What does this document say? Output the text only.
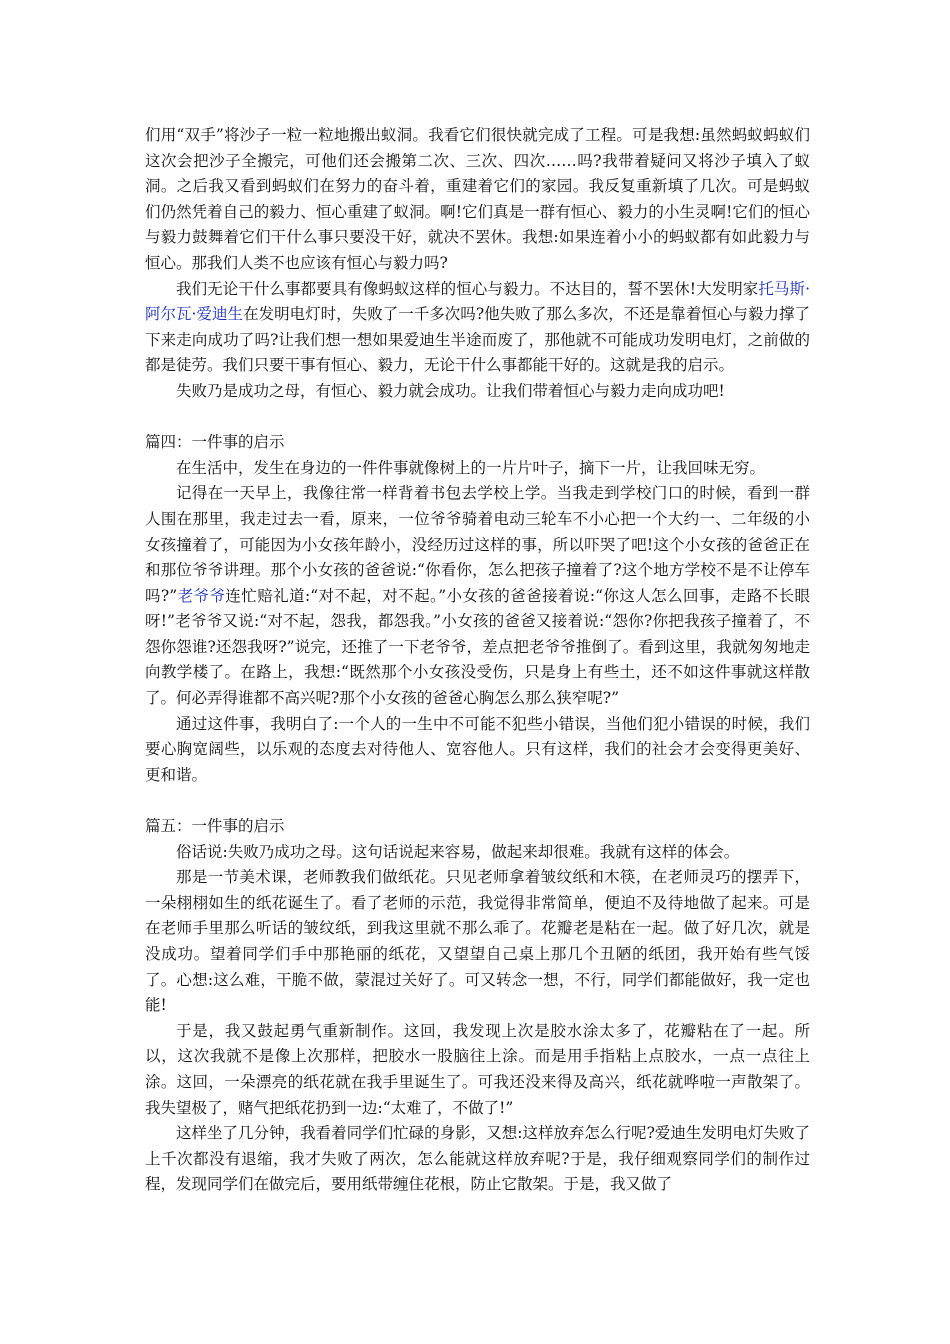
们用“双手”将沙子一粒一粒地搬出蚁洞。我看它们很快就完成了工程。可是我想:虽然蚂蚁蚂蚁们这次会把沙子全搬完，可他们还会搬第二次、三次、四次……吗?我带着疑问又将沙子填入了蚁洞。之后我又看到蚂蚁们在努力的奋斗着，重建着它们的家园。我反复重新填了几次。可是蚂蚁们仍然凭着自己的毅力、恒心重建了蚁洞。啊!它们真是一群有恒心、毅力的小生灵啊!它们的恒心与毅力鼓舞着它们干什么事只要没干好，就决不罢休。我想:如果连着小小的蚂蚁都有如此毅力与恒心。那我们人类不也应该有恒心与毅力吗?

我们无论干什么事都要具有像蚂蚁这样的恒心与毅力。不达目的，誓不罢休!大发明家托马斯·阿尔瓦·爱迪生在发明电灯时，失败了一千多次吗?他失败了那么多次，不还是靠着恒心与毅力撑了下来走向成功了吗?让我们想一想如果爱迪生半途而废了，那他就不可能成功发明电灯，之前做的都是徒劳。我们只要干事有恒心、毅力，无论干什么事都能干好的。这就是我的启示。

失败乃是成功之母，有恒心、毅力就会成功。让我们带着恒心与毅力走向成功吧!

篇四：一件事的启示

在生活中，发生在身边的一件件事就像树上的一片片叶子，摘下一片，让我回味无穷。

记得在一天早上，我像往常一样背着书包去学校上学。当我走到学校门口的时候，看到一群人围在那里，我走过去一看，原来，一位爷爷骑着电动三轮车不小心把一个大约一、二年级的小女孩撞着了，可能因为小女孩年龄小，没经历过这样的事，所以吓哭了吧!这个小女孩的爸爸正在和那位爷爷讲理。那个小女孩的爸爸说:“你看你，怎么把孩子撞着了?这个地方学校不是不让停车吗?”老爷爷连忙赔礼道:“对不起，对不起。”小女孩的爸爸接着说:“你这人怎么回事，走路不长眼呀!”老爷爷又说:“对不起，怨我，都怨我。”小女孩的爸爸又接着说:“怨你?你把我孩子撞着了，不怨你怨谁?还怨我呀?”说完，还推了一下老爷爷，差点把老爷爷推倒了。看到这里，我就匆匆地走向教学楼了。在路上，我想:“既然那个小女孩没受伤，只是身上有些土，还不如这件事就这样散了。何必弄得谁都不高兴呢?那个小女孩的爸爸心胸怎么那么狭窄呢?”

通过这件事，我明白了:一个人的一生中不可能不犯些小错误，当他们犯小错误的时候，我们要心胸宽阔些，以乐观的态度去对待他人、宽容他人。只有这样，我们的社会才会变得更美好、更和谐。

篇五：一件事的启示

俗话说:失败乃成功之母。这句话说起来容易，做起来却很难。我就有这样的体会。

那是一节美术课，老师教我们做纸花。只见老师拿着皱纹纸和木筷，在老师灵巧的摆弄下，一朵栩栩如生的纸花诞生了。看了老师的示范，我觉得非常简单，便迫不及待地做了起来。可是在老师手里那么听话的皱纹纸，到我这里就不那么乖了。花瓣老是粘在一起。做了好几次，就是没成功。望着同学们手中那艳丽的纸花，又望望自己桌上那几个丑陋的纸团，我开始有些气馁了。心想:这么难，干脆不做，蒙混过关好了。可又转念一想，不行，同学们都能做好，我一定也能!

于是，我又鼓起勇气重新制作。这回，我发现上次是胶水涂太多了，花瓣粘在了一起。所以，这次我就不是像上次那样，把胶水一股脑往上涂。而是用手指粘上点胶水，一点一点往上涂。这回，一朵漂亮的纸花就在我手里诞生了。可我还没来得及高兴，纸花就哗啦一声散架了。我失望极了，赌气把纸花扔到一边:“太难了，不做了!”

这样坐了几分钟，我看着同学们忙碌的身影，又想:这样放弃怎么行呢?爱迪生发明电灯失败了上千次都没有退缩，我才失败了两次，怎么能就这样放弃呢?于是，我仔细观察同学们的制作过程，发现同学们在做完后，要用纸带缠住花根，防止它散架。于是，我又做了
